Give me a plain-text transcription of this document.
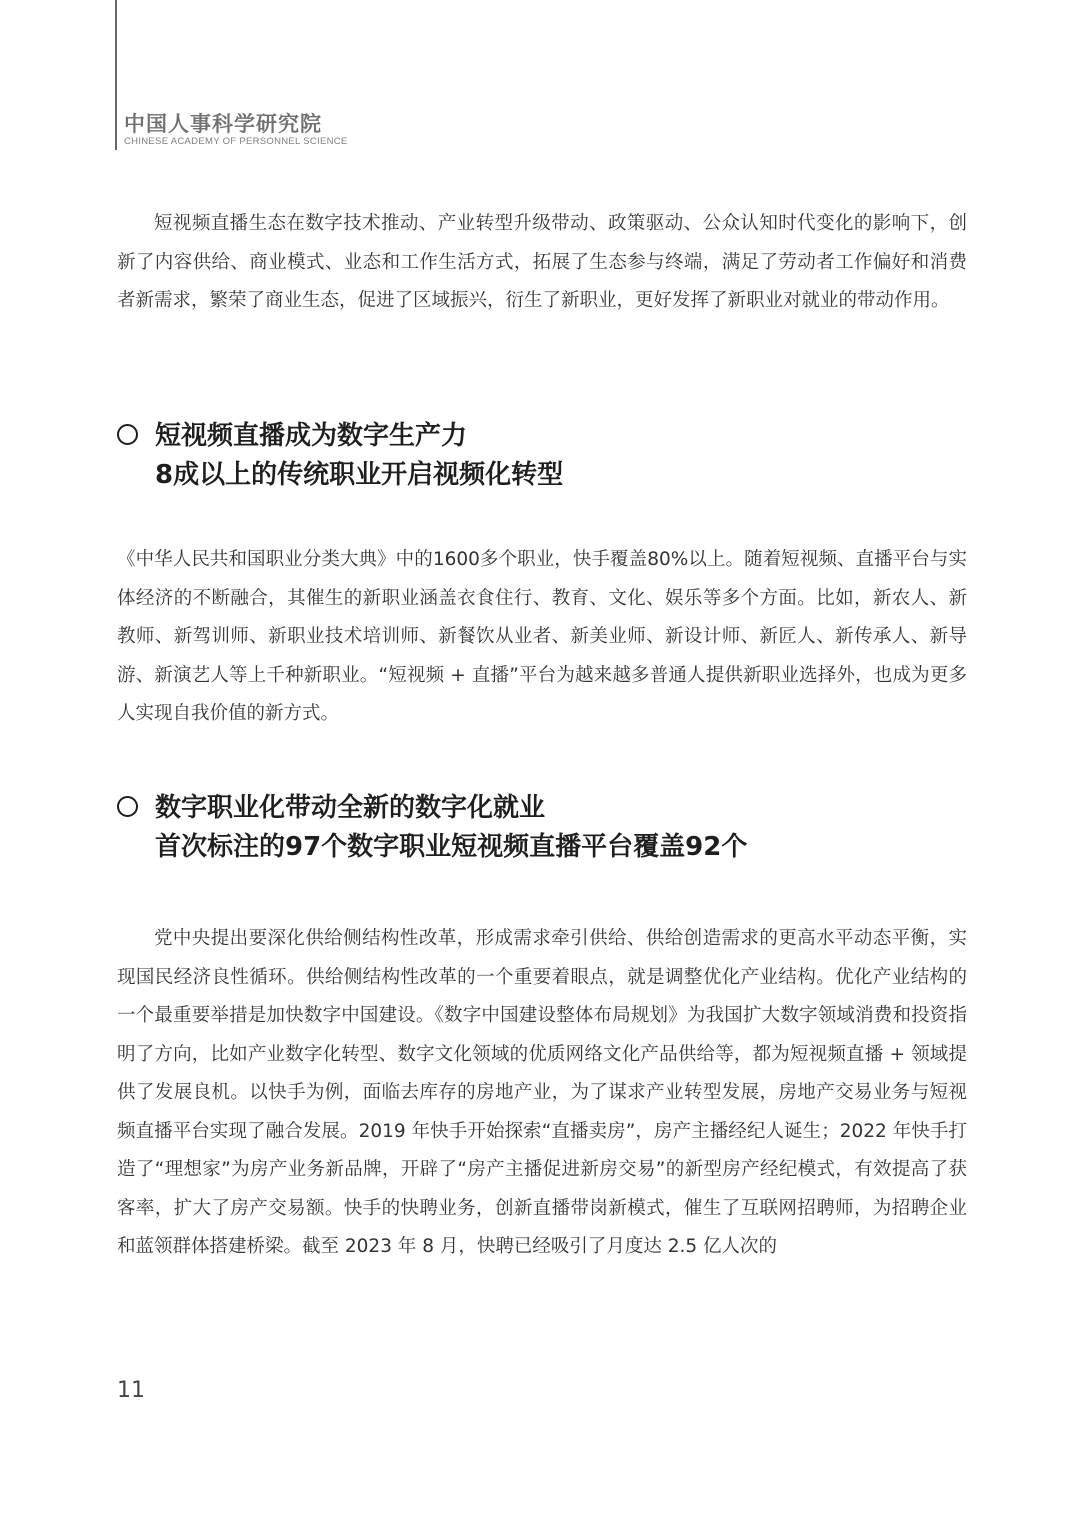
中国人事科学研究院
CHINESE ACADEMY OF PERSONNEL SCIENCE

短视频直播生态在数字技术推动、产业转型升级带动、政策驱动、公众认知时代变化的影响下，创新了内容供给、商业模式、业态和工作生活方式，拓展了生态参与终端，满足了劳动者工作偏好和消费者新需求，繁荣了商业生态，促进了区域振兴，衍生了新职业，更好发挥了新职业对就业的带动作用。

短视频直播成为数字生产力
8成以上的传统职业开启视频化转型

《中华人民共和国职业分类大典》中的1600多个职业，快手覆盖80%以上。随着短视频、直播平台与实体经济的不断融合，其催生的新职业涵盖衣食住行、教育、文化、娱乐等多个方面。比如，新农人、新教师、新驾训师、新职业技术培训师、新餐饮从业者、新美业师、新设计师、新匠人、新传承人、新导游、新演艺人等上千种新职业。“短视频 + 直播”平台为越来越多普通人提供新职业选择外，也成为更多人实现自我价值的新方式。

数字职业化带动全新的数字化就业
首次标注的97个数字职业短视频直播平台覆盖92个

党中央提出要深化供给侧结构性改革，形成需求牵引供给、供给创造需求的更高水平动态平衡，实现国民经济良性循环。供给侧结构性改革的一个重要着眼点，就是调整优化产业结构。优化产业结构的一个最重要举措是加快数字中国建设。《数字中国建设整体布局规划》为我国扩大数字领域消费和投资指明了方向，比如产业数字化转型、数字文化领域的优质网络文化产品供给等，都为短视频直播 + 领域提供了发展良机。以快手为例，面临去库存的房地产业，为了谋求产业转型发展，房地产交易业务与短视频直播平台实现了融合发展。2019 年快手开始探索“直播卖房”，房产主播经纪人诞生；2022 年快手打造了“理想家”为房产业务新品牌，开辟了“房产主播促进新房交易”的新型房产经纪模式，有效提高了获客率，扩大了房产交易额。快手的快聘业务，创新直播带岗新模式，催生了互联网招聘师，为招聘企业和蓝领群体搭建桥梁。截至 2023 年 8 月，快聘已经吸引了月度达 2.5 亿人次的

11
